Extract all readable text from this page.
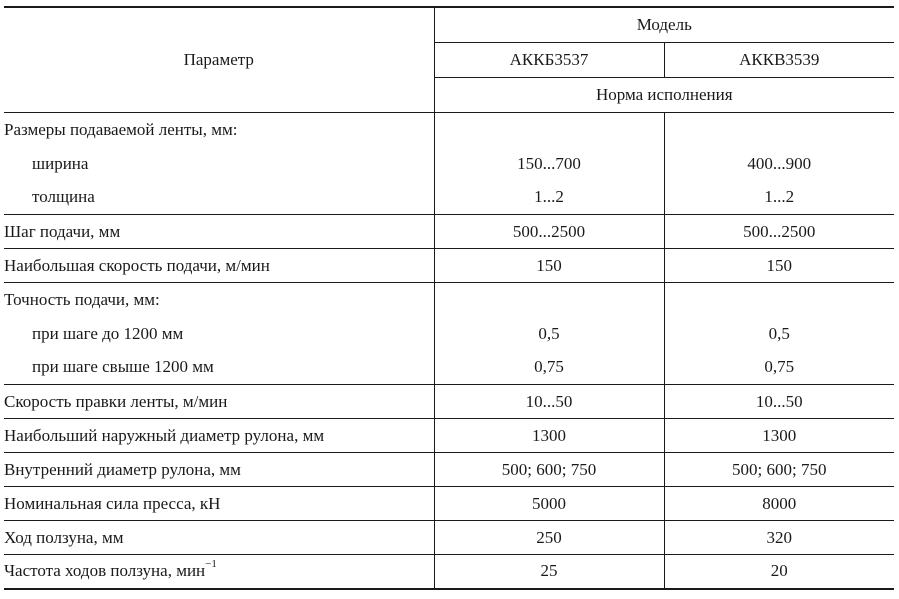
Параметр	Модель	
	АККБ3537	АККВ3539
	Норма исполнения	
Размеры подаваемой ленты, мм:		
ширина	150...700	400...900
толщина	1...2	1...2
Шаг подачи, мм	500...2500	500...2500
Наибольшая скорость подачи, м/мин	150	150
Точность подачи, мм:		
при шаге до 1200 мм	0,5	0,5
при шаге свыше 1200 мм	0,75	0,75
Скорость правки ленты, м/мин	10...50	10...50
Наибольший наружный диаметр рулона, мм	1300	1300
Внутренний диаметр рулона, мм	500; 600; 750	500; 600; 750
Номинальная сила пресса, кН	5000	8000
Ход ползуна, мм	250	320
Частота ходов ползуна, мин$^{-1}$	25	20
